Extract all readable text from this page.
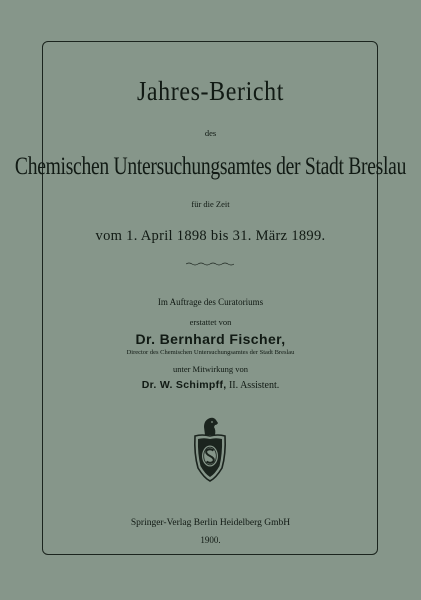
Jahres-Bericht
des
Chemischen Untersuchungsamtes der Stadt Breslau
für die Zeit
vom 1. April 1898 bis 31. März 1899.
Im Auftrage des Curatoriums
erstattet von
Dr. Bernhard Fischer,
Director des Chemischen Untersuchungsamtes der Stadt Breslau
unter Mitwirkung von
Dr. W. Schimpff, II. Assistent.
Springer-Verlag Berlin Heidelberg GmbH
1900.
